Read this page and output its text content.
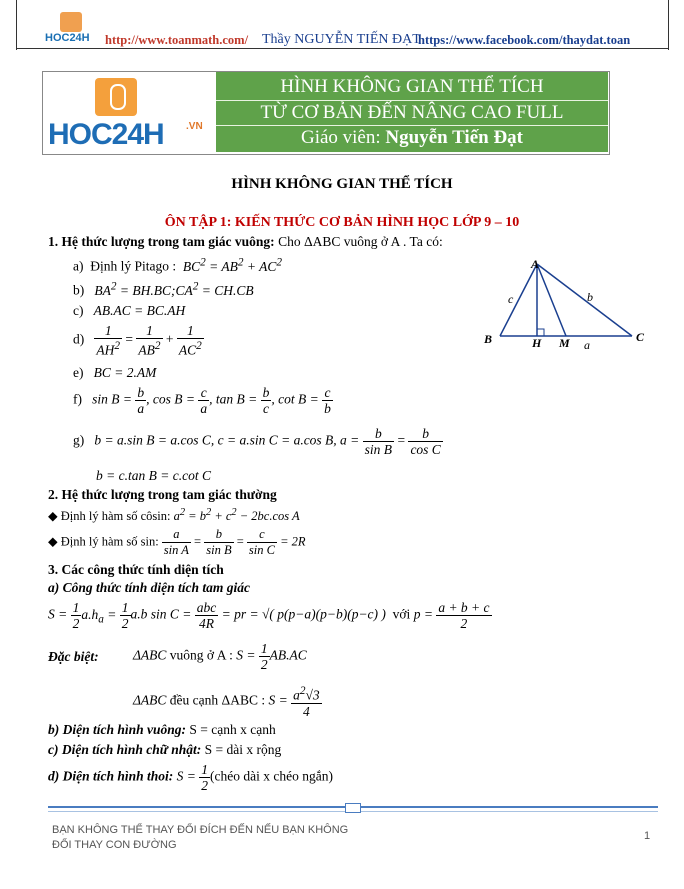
HOC24H http://www.toanmath.com/ Thầy NGUYỄN TIẾN ĐẠT
https://www.facebook.com/thaydat.toan
HOC24H .VN
HÌNH KHÔNG GIAN THỂ TÍCH
TỪ CƠ BẢN ĐẾN NÂNG CAO FULL
Giáo viên: Nguyễn Tiến Đạt
HÌNH KHÔNG GIAN THỂ TÍCH
ÔN TẬP 1: KIẾN THỨC CƠ BẢN HÌNH HỌC LỚP 9 – 10
1. Hệ thức lượng trong tam giác vuông: Cho ΔABC vuông ở A . Ta có:
a) Định lý Pitago : $BC^2 = AB^2 + AC^2$
b) $BA^2$ = $BH.BC;CA^2 = CH.CB$
c) AB.AC = BC.AH
$d) \frac{1}{AH^2} = \frac{1}{AB^2} + \frac{1}{AC^2}$
e) BC = 2.AM
f) $\sin B = \frac{b}{a}$ , $\cos B = \frac{c}{a}$ , $\tan B = \frac{b}{c}$ , $\cot B = \frac{c}{b}$
g) b = a.sin B = a.cos C, c = a.sin C = a.cos B, $a = \frac{b}{\text{sin B}} = \frac{b}{\text{cos C}}$
b = c.tan B = c.cot C
A
B	C
H M a
b
c
2. Hệ thức lượng trong tam giác thường
◆ Định lý hàm số côsin: $a^2 = b^2 + c^2 - 2bc.\cos$ A
◆ Định lý hàm số sin: $\frac{a}{\text{sin A}} = \frac{b}{\text{sin B}} = \frac{c}{\text{sin C}} = 2R$
3. Các công thức tính diện tích
a) Công thức tính diện tích tam giác
$S = \frac{1}{2} a.h_a = \frac{1}{2} a.b$ $\sin C = \frac{\text{abc}}{4R}$ = pr = √( p(p−a)(p−b)(p−c) ) với $p = \frac{a + b + c}{2}$
Đặc biệt:	ΔABC vuông ở A : $S = \frac{1}{2} AB.AC$
ΔABC đều cạnh ΔABC : $S = \frac{a^2√3}{4}$
b) Diện tích hình vuông: S = cạnh x cạnh
c) Diện tích hình chữ nhật: S = dài x rộng
d) Diện tích hình thoi: $S = \frac{1}{2}$ (chéo dài x chéo ngắn)
BẠN KHÔNG THỂ THAY ĐỔI ĐÍCH ĐẾN NẾU BẠN KHÔNG
ĐỔI THAY CON ĐƯỜNG
1
